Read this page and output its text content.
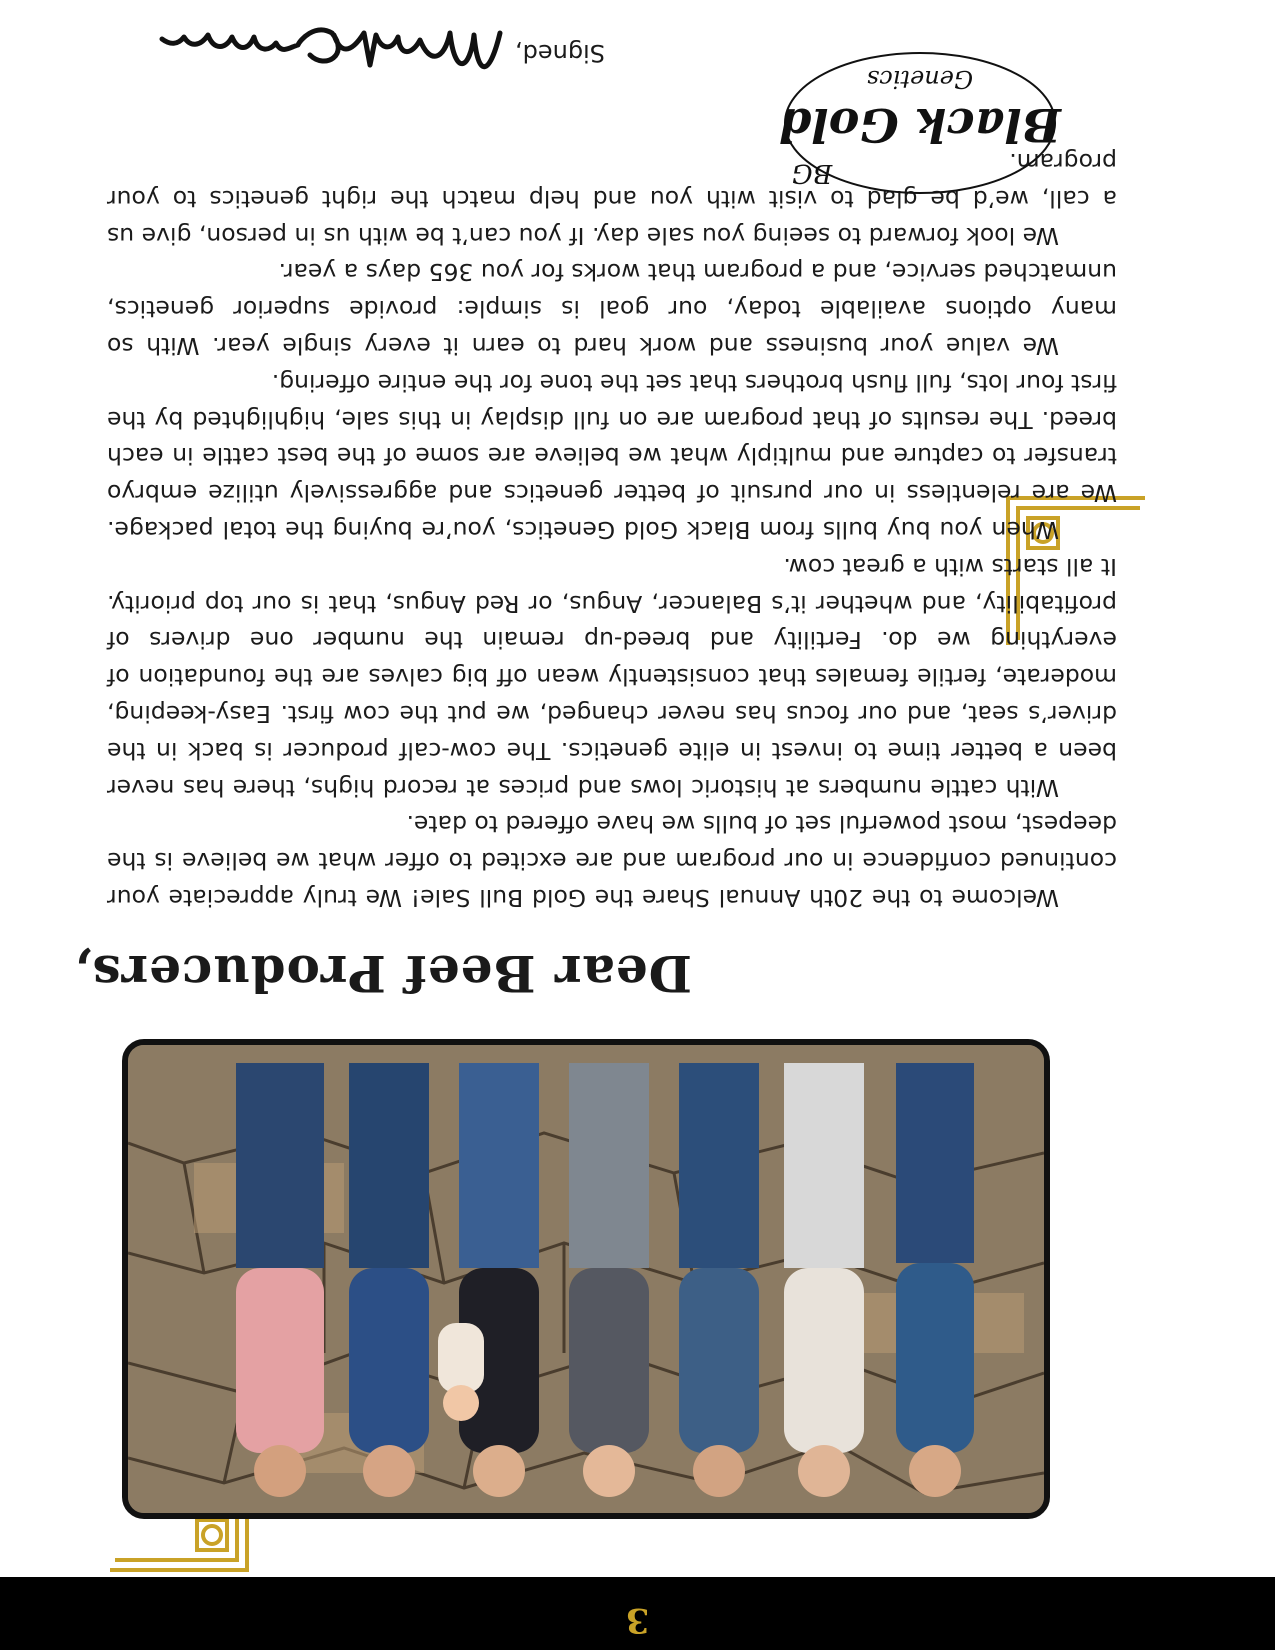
3
Dear Beef Producers,

Welcome to the 20th Annual Share the Gold Bull Sale! We truly appreciate your continued confidence in our program and are excited to offer what we believe is the deepest, most powerful set of bulls we have offered to date.

With cattle numbers at historic lows and prices at record highs, there has never been a better time to invest in elite genetics. The cow-calf producer is back in the driver’s seat, and our focus has never changed, we put the cow first. Easy-keeping, moderate, fertile females that consistently wean off big calves are the foundation of everything we do. Fertility and breed-up remain the number one drivers of profitability, and whether it’s Balancer, Angus, or Red Angus, that is our top priority. It all starts with a great cow.

When you buy bulls from Black Gold Genetics, you’re buying the total package. We are relentless in our pursuit of better genetics and aggressively utilize embryo transfer to capture and multiply what we believe are some of the best cattle in each breed. The results of that program are on full display in this sale, highlighted by the first four lots, full flush brothers that set the tone for the entire offering.

We value your business and work hard to earn it every single year. With so many options available today, our goal is simple: provide superior genetics, unmatched service, and a program that works for you 365 days a year.

We look forward to seeing you sale day. If you can’t be with us in person, give us a call, we’d be glad to visit with you and help match the right genetics to your program.

Black Gold
Genetics
BG
Signed,
